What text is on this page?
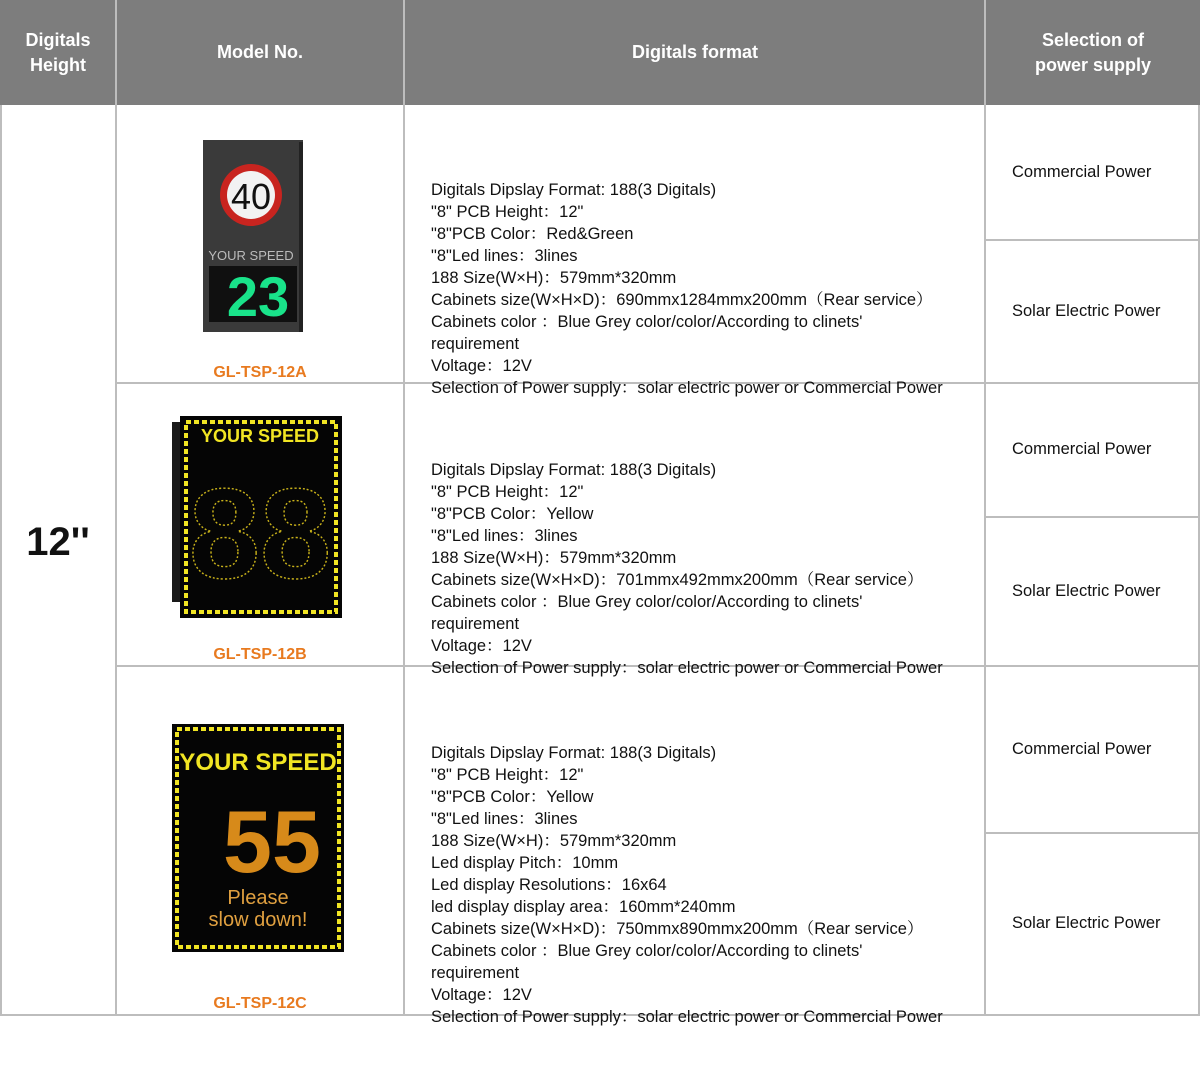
Digitals Height
Model No.	Digitals format
Selection of power supply
12''
40
YOUR SPEED
23
GL-TSP-12A

Digitals Dipslay Format: 188(3 Digitals)
"8" PCB Height：12"
"8"PCB Color：Red&Green
"8"Led lines：3lines
188 Size(W×H)：579mm*320mm
Cabinets size(W×H×D)：690mmx1284mmx200mm（Rear service）
Cabinets color ：Blue Grey color/color/According to clinets'
requirement
Voltage：12V
Selection of Power supply：solar electric power or Commercial Power

Commercial Power
Solar Electric Power
YOUR SPEED
88
GL-TSP-12B

Digitals Dipslay Format: 188(3 Digitals)
"8" PCB Height：12"
"8"PCB Color：Yellow
"8"Led lines：3lines
188 Size(W×H)：579mm*320mm
Cabinets size(W×H×D)：701mmx492mmx200mm（Rear service）
Cabinets color ：Blue Grey color/color/According to clinets'
requirement
Voltage：12V
Selection of Power supply：solar electric power or Commercial Power

Commercial Power
Solar Electric Power
YOUR SPEED
55
Please
slow down!
GL-TSP-12C

Digitals Dipslay Format: 188(3 Digitals)
"8" PCB Height：12"
"8"PCB Color：Yellow
"8"Led lines：3lines
188 Size(W×H)：579mm*320mm
Led display Pitch：10mm
Led display Resolutions：16x64
led display display area：160mm*240mm
Cabinets size(W×H×D)：750mmx890mmx200mm（Rear service）
Cabinets color ：Blue Grey color/color/According to clinets'
requirement
Voltage：12V
Selection of Power supply：solar electric power or Commercial Power

Commercial Power
Solar Electric Power
